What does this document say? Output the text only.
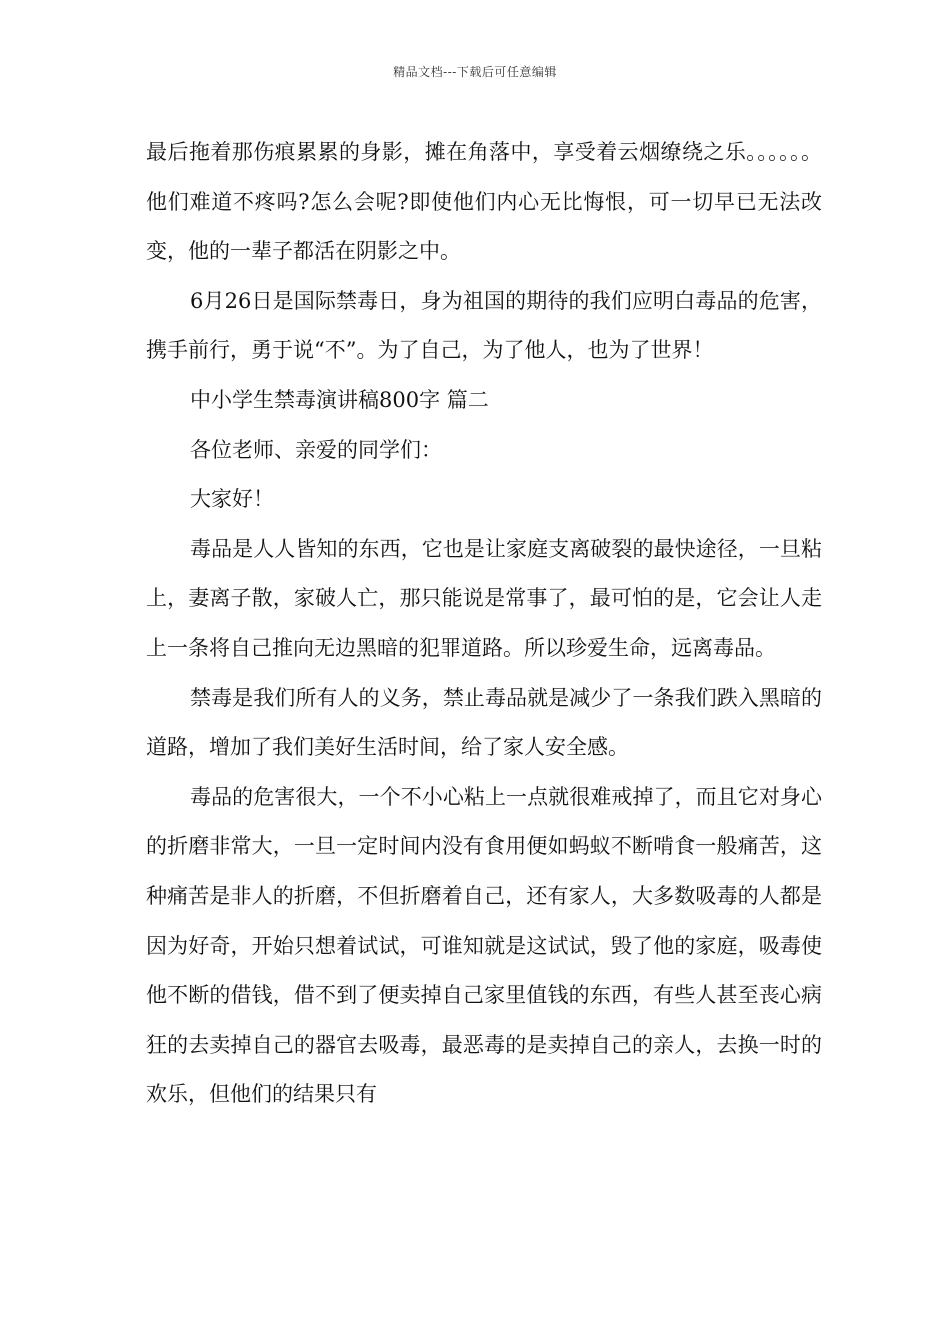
精品文档---下载后可任意编辑

最后拖着那伤痕累累的身影，摊在角落中，享受着云烟缭绕之乐。。。。。。他们难道不疼吗?怎么会呢?即使他们内心无比悔恨，可一切早已无法改变，他的一辈子都活在阴影之中。

6月26日是国际禁毒日，身为祖国的期待的我们应明白毒品的危害，携手前行，勇于说“不”。为了自己，为了他人，也为了世界！

中小学生禁毒演讲稿800字 篇二

各位老师、亲爱的同学们：

大家好！

毒品是人人皆知的东西，它也是让家庭支离破裂的最快途径，一旦粘上，妻离子散，家破人亡，那只能说是常事了，最可怕的是，它会让人走上一条将自己推向无边黑暗的犯罪道路。所以珍爱生命，远离毒品。

禁毒是我们所有人的义务，禁止毒品就是减少了一条我们跌入黑暗的道路，增加了我们美好生活时间，给了家人安全感。

毒品的危害很大，一个不小心粘上一点就很难戒掉了，而且它对身心的折磨非常大，一旦一定时间内没有食用便如蚂蚁不断啃食一般痛苦，这种痛苦是非人的折磨，不但折磨着自己，还有家人，大多数吸毒的人都是因为好奇，开始只想着试试，可谁知就是这试试，毁了他的家庭，吸毒使他不断的借钱，借不到了便卖掉自己家里值钱的东西，有些人甚至丧心病狂的去卖掉自己的器官去吸毒，最恶毒的是卖掉自己的亲人，去换一时的欢乐，但他们的结果只有
